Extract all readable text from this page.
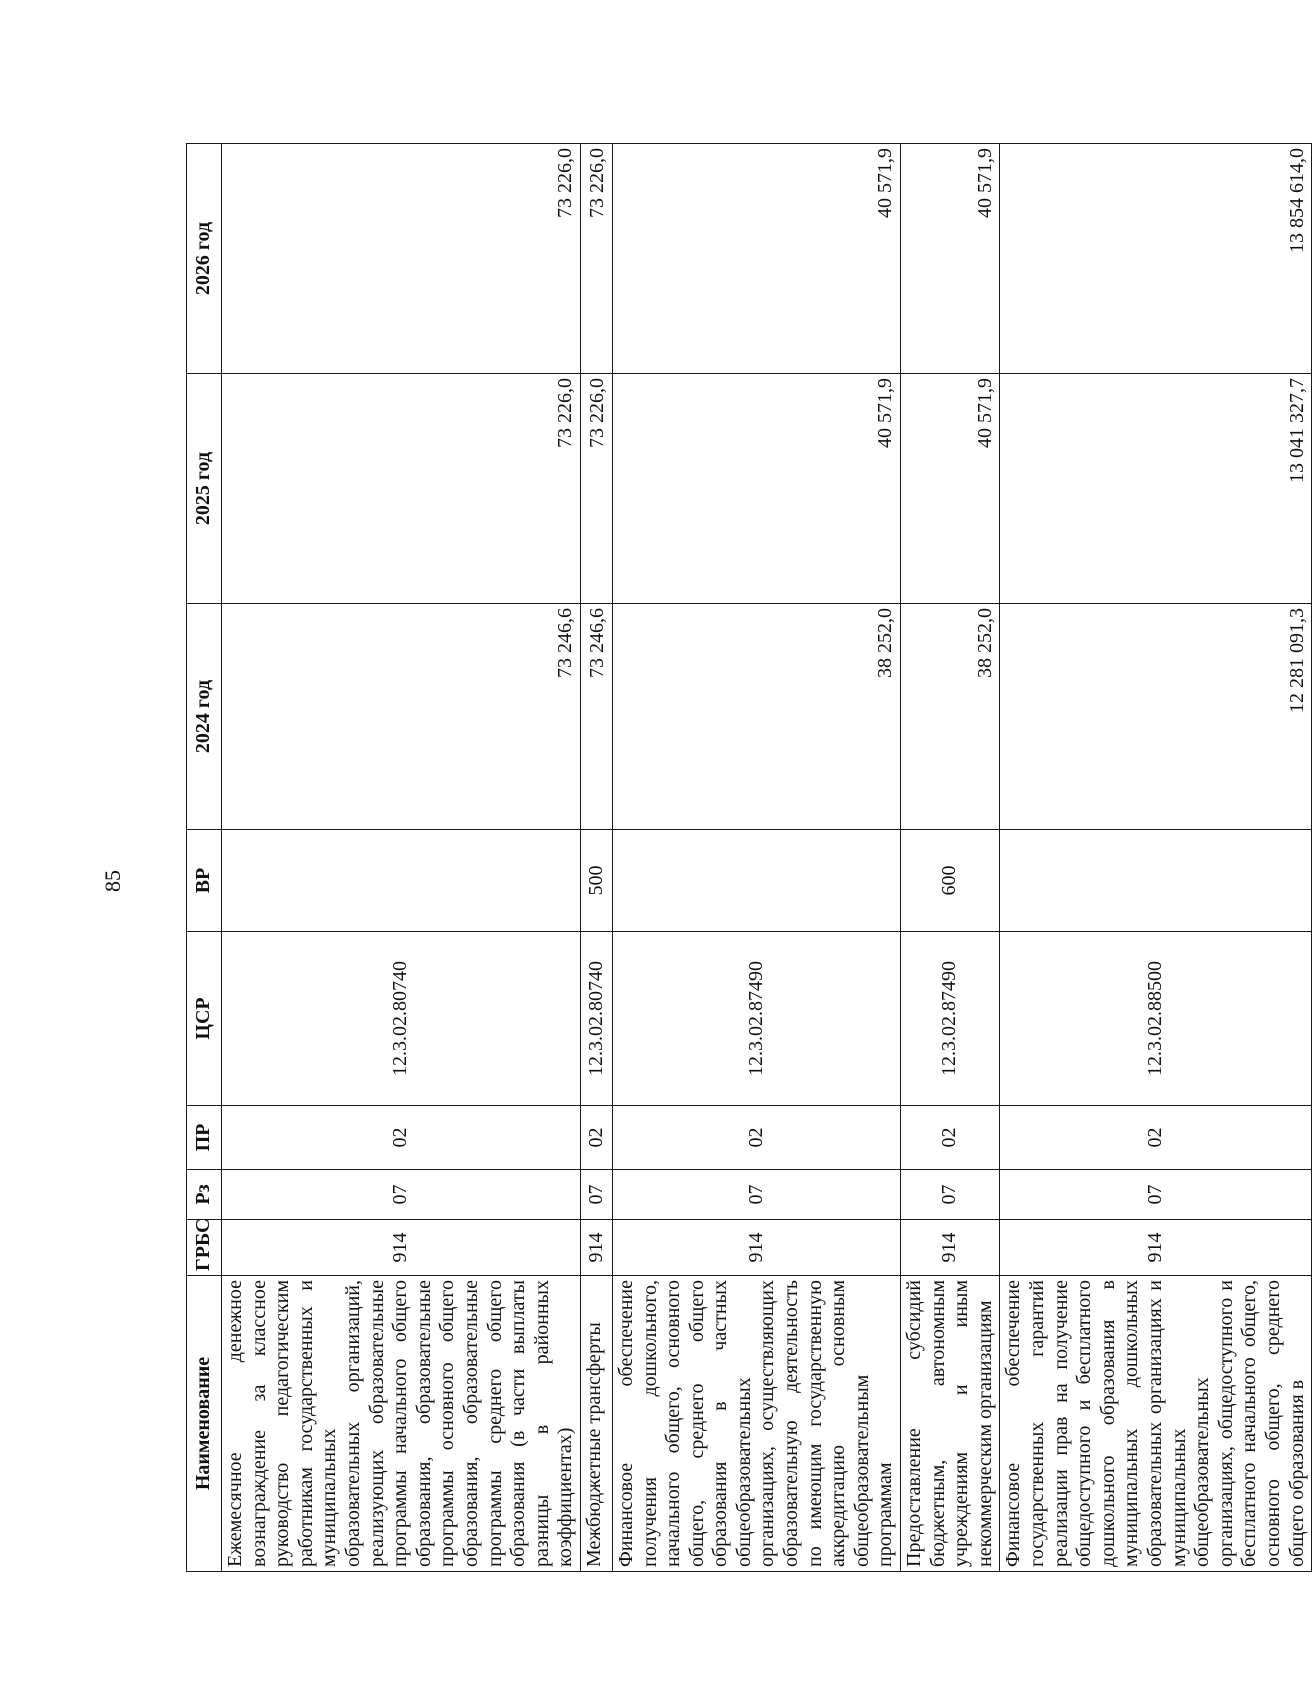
85
Наименование	ГРБС	Рз	ПР	ЦСР	ВР	2024 год	2025 год	2026 год
Ежемесячное денежное вознаграждение за классное руководство педагогическим работникам государственных и муниципальных образовательных организаций, реализующих образовательные программы начального общего образования, образовательные программы основного общего образования, образовательные программы среднего общего образования (в части выплаты разницы в районных коэффициентах)	914	07	02	12.3.02.80740		73 246,6	73 226,0	73 226,0
Межбюджетные трансферты	914	07	02	12.3.02.80740	500	73 246,6	73 226,0	73 226,0
Финансовое обеспечение получения дошкольного, начального общего, основного общего, среднего общего образования в частных общеобразовательных организациях, осуществляющих образовательную деятельность по имеющим государственную аккредитацию основным общеобразовательным программам	914	07	02	12.3.02.87490		38 252,0	40 571,9	40 571,9
Предоставление субсидий бюджетным, автономным учреждениям и иным некоммерческим организациям	914	07	02	12.3.02.87490	600	38 252,0	40 571,9	40 571,9
Финансовое обеспечение государственных гарантий реализации прав на получение общедоступного и бесплатного дошкольного образования в муниципальных дошкольных образовательных организациях и муниципальных общеобразовательных организациях, общедоступного и бесплатного начального общего, основного общего, среднего общего образования в	914	07	02	12.3.02.88500		12 281 091,3	13 041 327,7	13 854 614,0
